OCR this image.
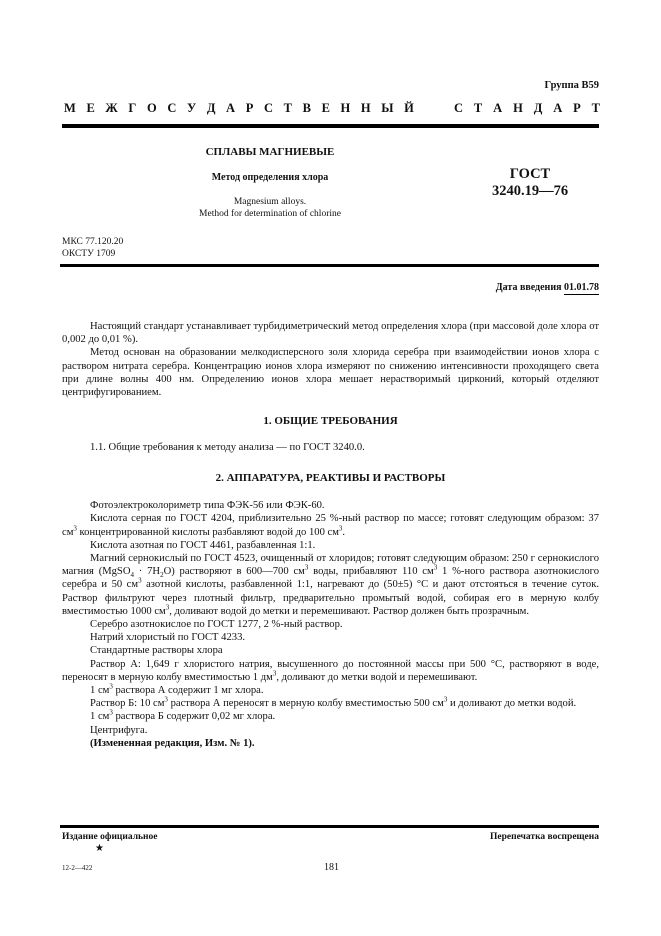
Группа В59
М Е Ж Г О С У Д А Р С Т В Е Н Н Ы Й	С Т А Н Д А Р Т
СПЛАВЫ МАГНИЕВЫЕ
Метод определения хлора
Magnesium alloys.
Method for determination of chlorine
ГОСТ
3240.19—76
МКС 77.120.20
ОКСТУ 1709
Дата введения 01.01.78

Настоящий стандарт устанавливает турбидиметрический метод определения хлора (при массовой доле хлора от 0,002 до 0,01 %).

Метод основан на образовании мелкодисперсного золя хлорида серебра при взаимодействии ионов хлора с раствором нитрата серебра. Концентрацию ионов хлора измеряют по снижению интенсивности проходящего света при длине волны 400 нм. Определению ионов хлора мешает нерастворимый цирконий, который отделяют центрифугированием.

1. ОБЩИЕ ТРЕБОВАНИЯ

1.1. Общие требования к методу анализа — по ГОСТ 3240.0.

2. АППАРАТУРА, РЕАКТИВЫ И РАСТВОРЫ

Фотоэлектроколориметр типа ФЭК-56 или ФЭК-60.

Кислота серная по ГОСТ 4204, приблизительно 25 %-ный раствор по массе; готовят следующим образом: 37 $см^3$ концентрированной кислоты разбавляют водой до 100 $см^3$.

Кислота азотная по ГОСТ 4461, разбавленная 1:1.

Магний сернокислый по ГОСТ 4523, очищенный от хлоридов; готовят следующим образом: 250 г сернокислого магния (MgSO$_4$ · $7H_2O$) растворяют в 600—700 $см^3$ воды, прибавляют 110 $см^3$ 1 %-ного раствора азотнокислого серебра и 50 $см^3$ азотной кислоты, разбавленной 1:1, нагревают до (50±5) °С и дают отстояться в течение суток. Раствор фильтруют через плотный фильтр, предварительно промытый водой, собирая его в мерную колбу вместимостью 1000 $см^3$, доливают водой до метки и перемешивают. Раствор должен быть прозрачным.

Серебро азотнокислое по ГОСТ 1277, 2 %-ный раствор.

Натрий хлористый по ГОСТ 4233.

Стандартные растворы хлора

Раствор А: 1,649 г хлористого натрия, высушенного до постоянной массы при 500 °С, растворяют в воде, переносят в мерную колбу вместимостью 1 $дм^3$, доливают до метки водой и перемешивают.

1 $см^3$ раствора А содержит 1 мг хлора.

Раствор Б: 10 $см^3$ раствора А переносят в мерную колбу вместимостью 500 $см^3$ и доливают до метки водой.

1 $см^3$ раствора Б содержит 0,02 мг хлора.

Центрифуга.

(Измененная редакция, Изм. № 1).

Издание официальное
★
Перепечатка воспрещена
12-2—422	181
